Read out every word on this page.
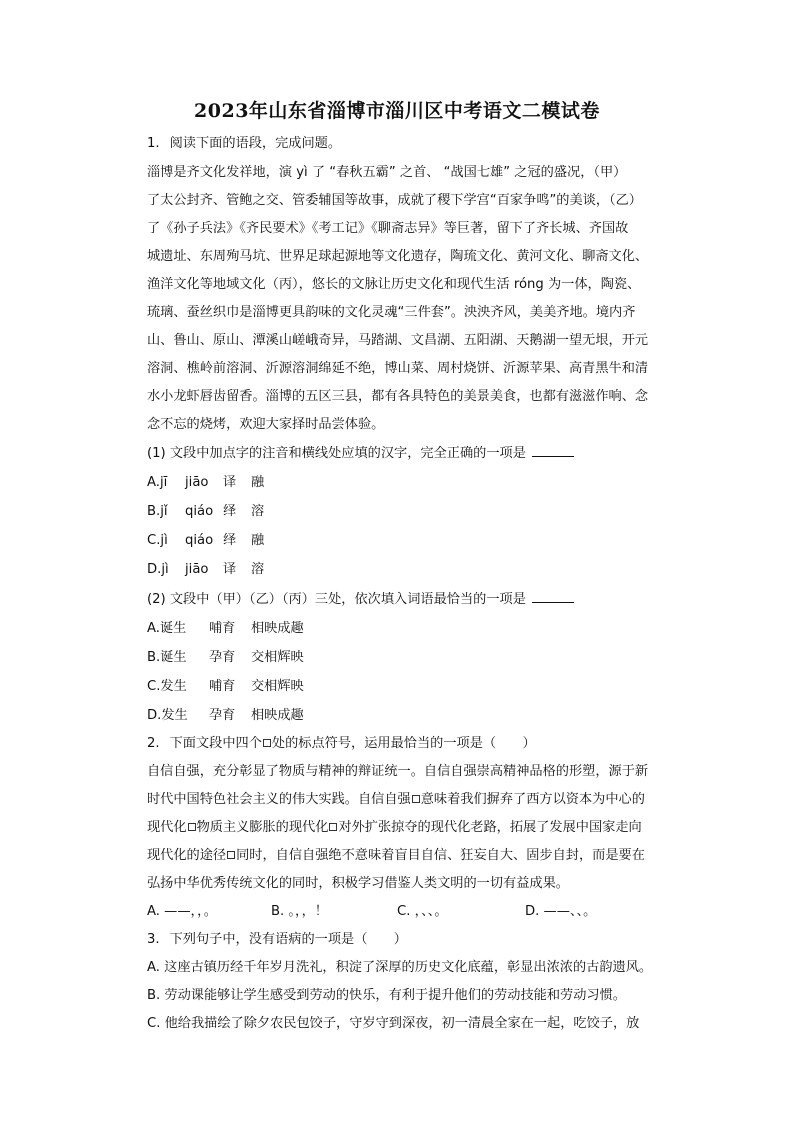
2023年山东省淄博市淄川区中考语文二模试卷
1. 阅读下面的语段，完成问题。
淄博是齐文化发祥地，演 yì 了 “春秋五霸” 之首、 “战国七雄” 之冠的盛况，（甲）
了太公封齐、管鲍之交、管委辅国等故事，成就了稷下学宫“百家争鸣”的美谈，（乙）
了《孙子兵法》《齐民要术》《考工记》《聊斋志异》等巨著，留下了齐长城、齐国故
城遗址、东周殉马坑、世界足球起源地等文化遗存，陶琉文化、黄河文化、聊斋文化、
渔洋文化等地域文化（丙），悠长的文脉让历史文化和现代生活 róng 为一体，陶瓷、
琉璃、蚕丝织巾是淄博更具韵味的文化灵魂“三件套”。泱泱齐风，美美齐地。境内齐
山、鲁山、原山、潭溪山嵯峨奇异，马踏湖、文昌湖、五阳湖、天鹅湖一望无垠，开元
溶洞、樵岭前溶洞、沂源溶洞绵延不绝，博山菜、周村烧饼、沂源苹果、高青黑牛和清
水小龙虾唇齿留香。淄博的五区三县，都有各具特色的美景美食，也都有滋滋作响、念
念不忘的烧烤，欢迎大家择时品尝体验。
(1) 文段中加点字的注音和横线处应填的汉字，完全正确的一项是
A.jī jiāo 译 融
B.jǐ qiáo 绎 溶
C.jì qiáo 绎 融
D.jì jiāo 译 溶
(2) 文段中（甲）（乙）（丙）三处，依次填入词语最恰当的一项是
A.诞生 哺育 相映成趣
B.诞生 孕育 交相辉映
C.发生 哺育 交相辉映
D.发生 孕育 相映成趣
2. 下面文段中四个 处的标点符号，运用最恰当的一项是（　　）
自信自强，充分彰显了物质与精神的辩证统一。自信自强崇高精神品格的形塑，源于新
时代中国特色社会主义的伟大实践。自信自强 意味着我们摒弃了西方以资本为中心的
现代化 物质主义膨胀的现代化 对外扩张掠夺的现代化老路，拓展了发展中国家走向
现代化的途径 同时，自信自强绝不意味着盲目自信、狂妄自大、固步自封，而是要在
弘扬中华优秀传统文化的同时，积极学习借鉴人类文明的一切有益成果。
A. ——，，。	B. 。，，！	C. ，、、。	D. ——、、。
3. 下列句子中，没有语病的一项是（　　）
A. 这座古镇历经千年岁月洗礼，积淀了深厚的历史文化底蕴，彰显出浓浓的古韵遗风。
B. 劳动课能够让学生感受到劳动的快乐，有利于提升他们的劳动技能和劳动习惯。
C. 他给我描绘了除夕农民包饺子，守岁守到深夜，初一清晨全家在一起，吃饺子，放
